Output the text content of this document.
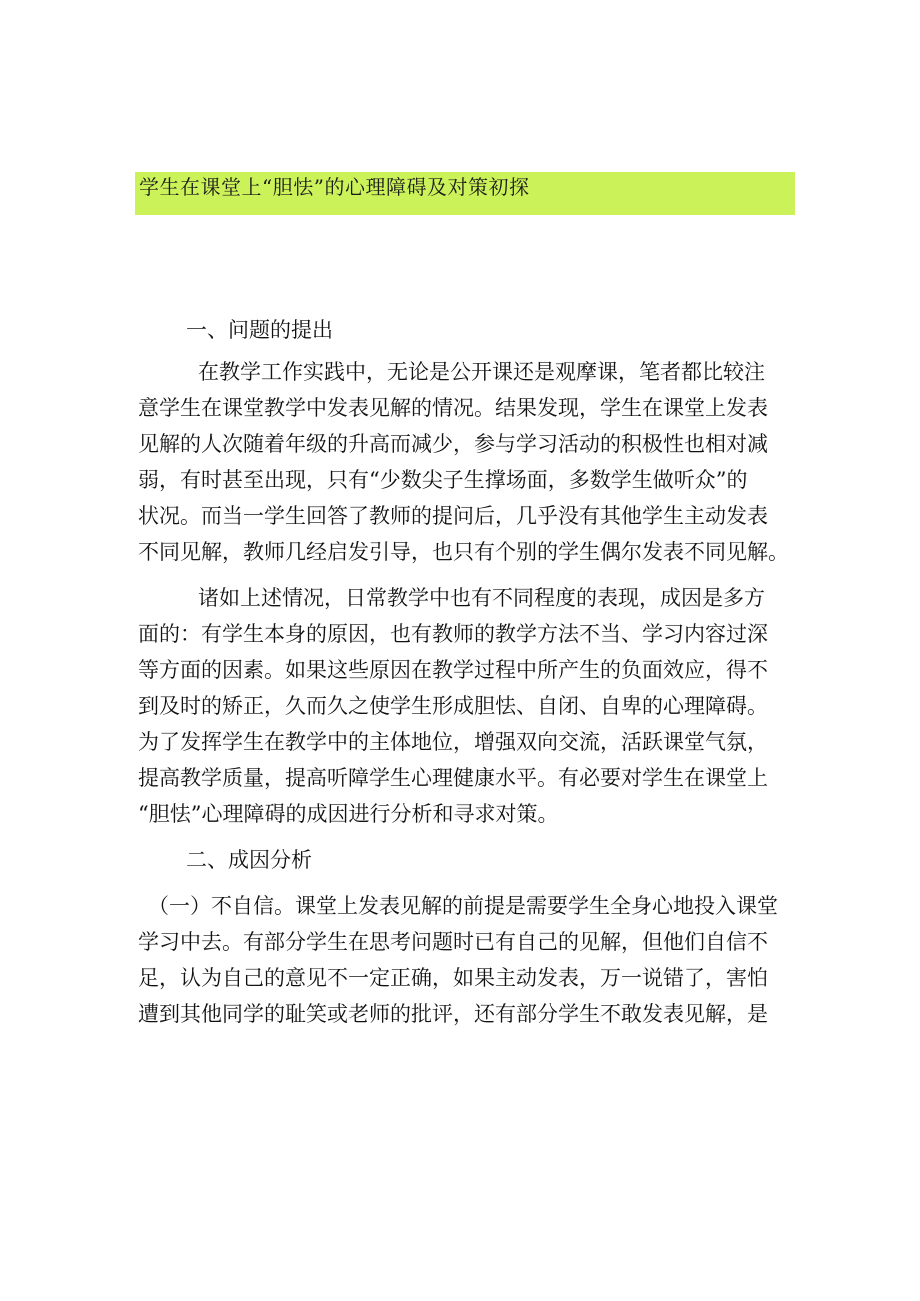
学生在课堂上“胆怯”的心理障碍及对策初探
一、问题的提出
在教学工作实践中，无论是公开课还是观摩课，笔者都比较注
意学生在课堂教学中发表见解的情况。结果发现，学生在课堂上发表
见解的人次随着年级的升高而减少，参与学习活动的积极性也相对减
弱，有时甚至出现，只有“少数尖子生撑场面，多数学生做听众”的
状况。而当一学生回答了教师的提问后，几乎没有其他学生主动发表
不同见解，教师几经启发引导，也只有个别的学生偶尔发表不同见解。
诸如上述情况，日常教学中也有不同程度的表现，成因是多方
面的：有学生本身的原因，也有教师的教学方法不当、学习内容过深
等方面的因素。如果这些原因在教学过程中所产生的负面效应，得不
到及时的矫正，久而久之使学生形成胆怯、自闭、自卑的心理障碍。
为了发挥学生在教学中的主体地位，增强双向交流，活跃课堂气氛，
提高教学质量，提高听障学生心理健康水平。有必要对学生在课堂上
“胆怯”心理障碍的成因进行分析和寻求对策。
二、成因分析
（一）不自信。课堂上发表见解的前提是需要学生全身心地投入课堂
学习中去。有部分学生在思考问题时已有自己的见解，但他们自信不
足，认为自己的意见不一定正确，如果主动发表，万一说错了，害怕
遭到其他同学的耻笑或老师的批评，还有部分学生不敢发表见解，是
